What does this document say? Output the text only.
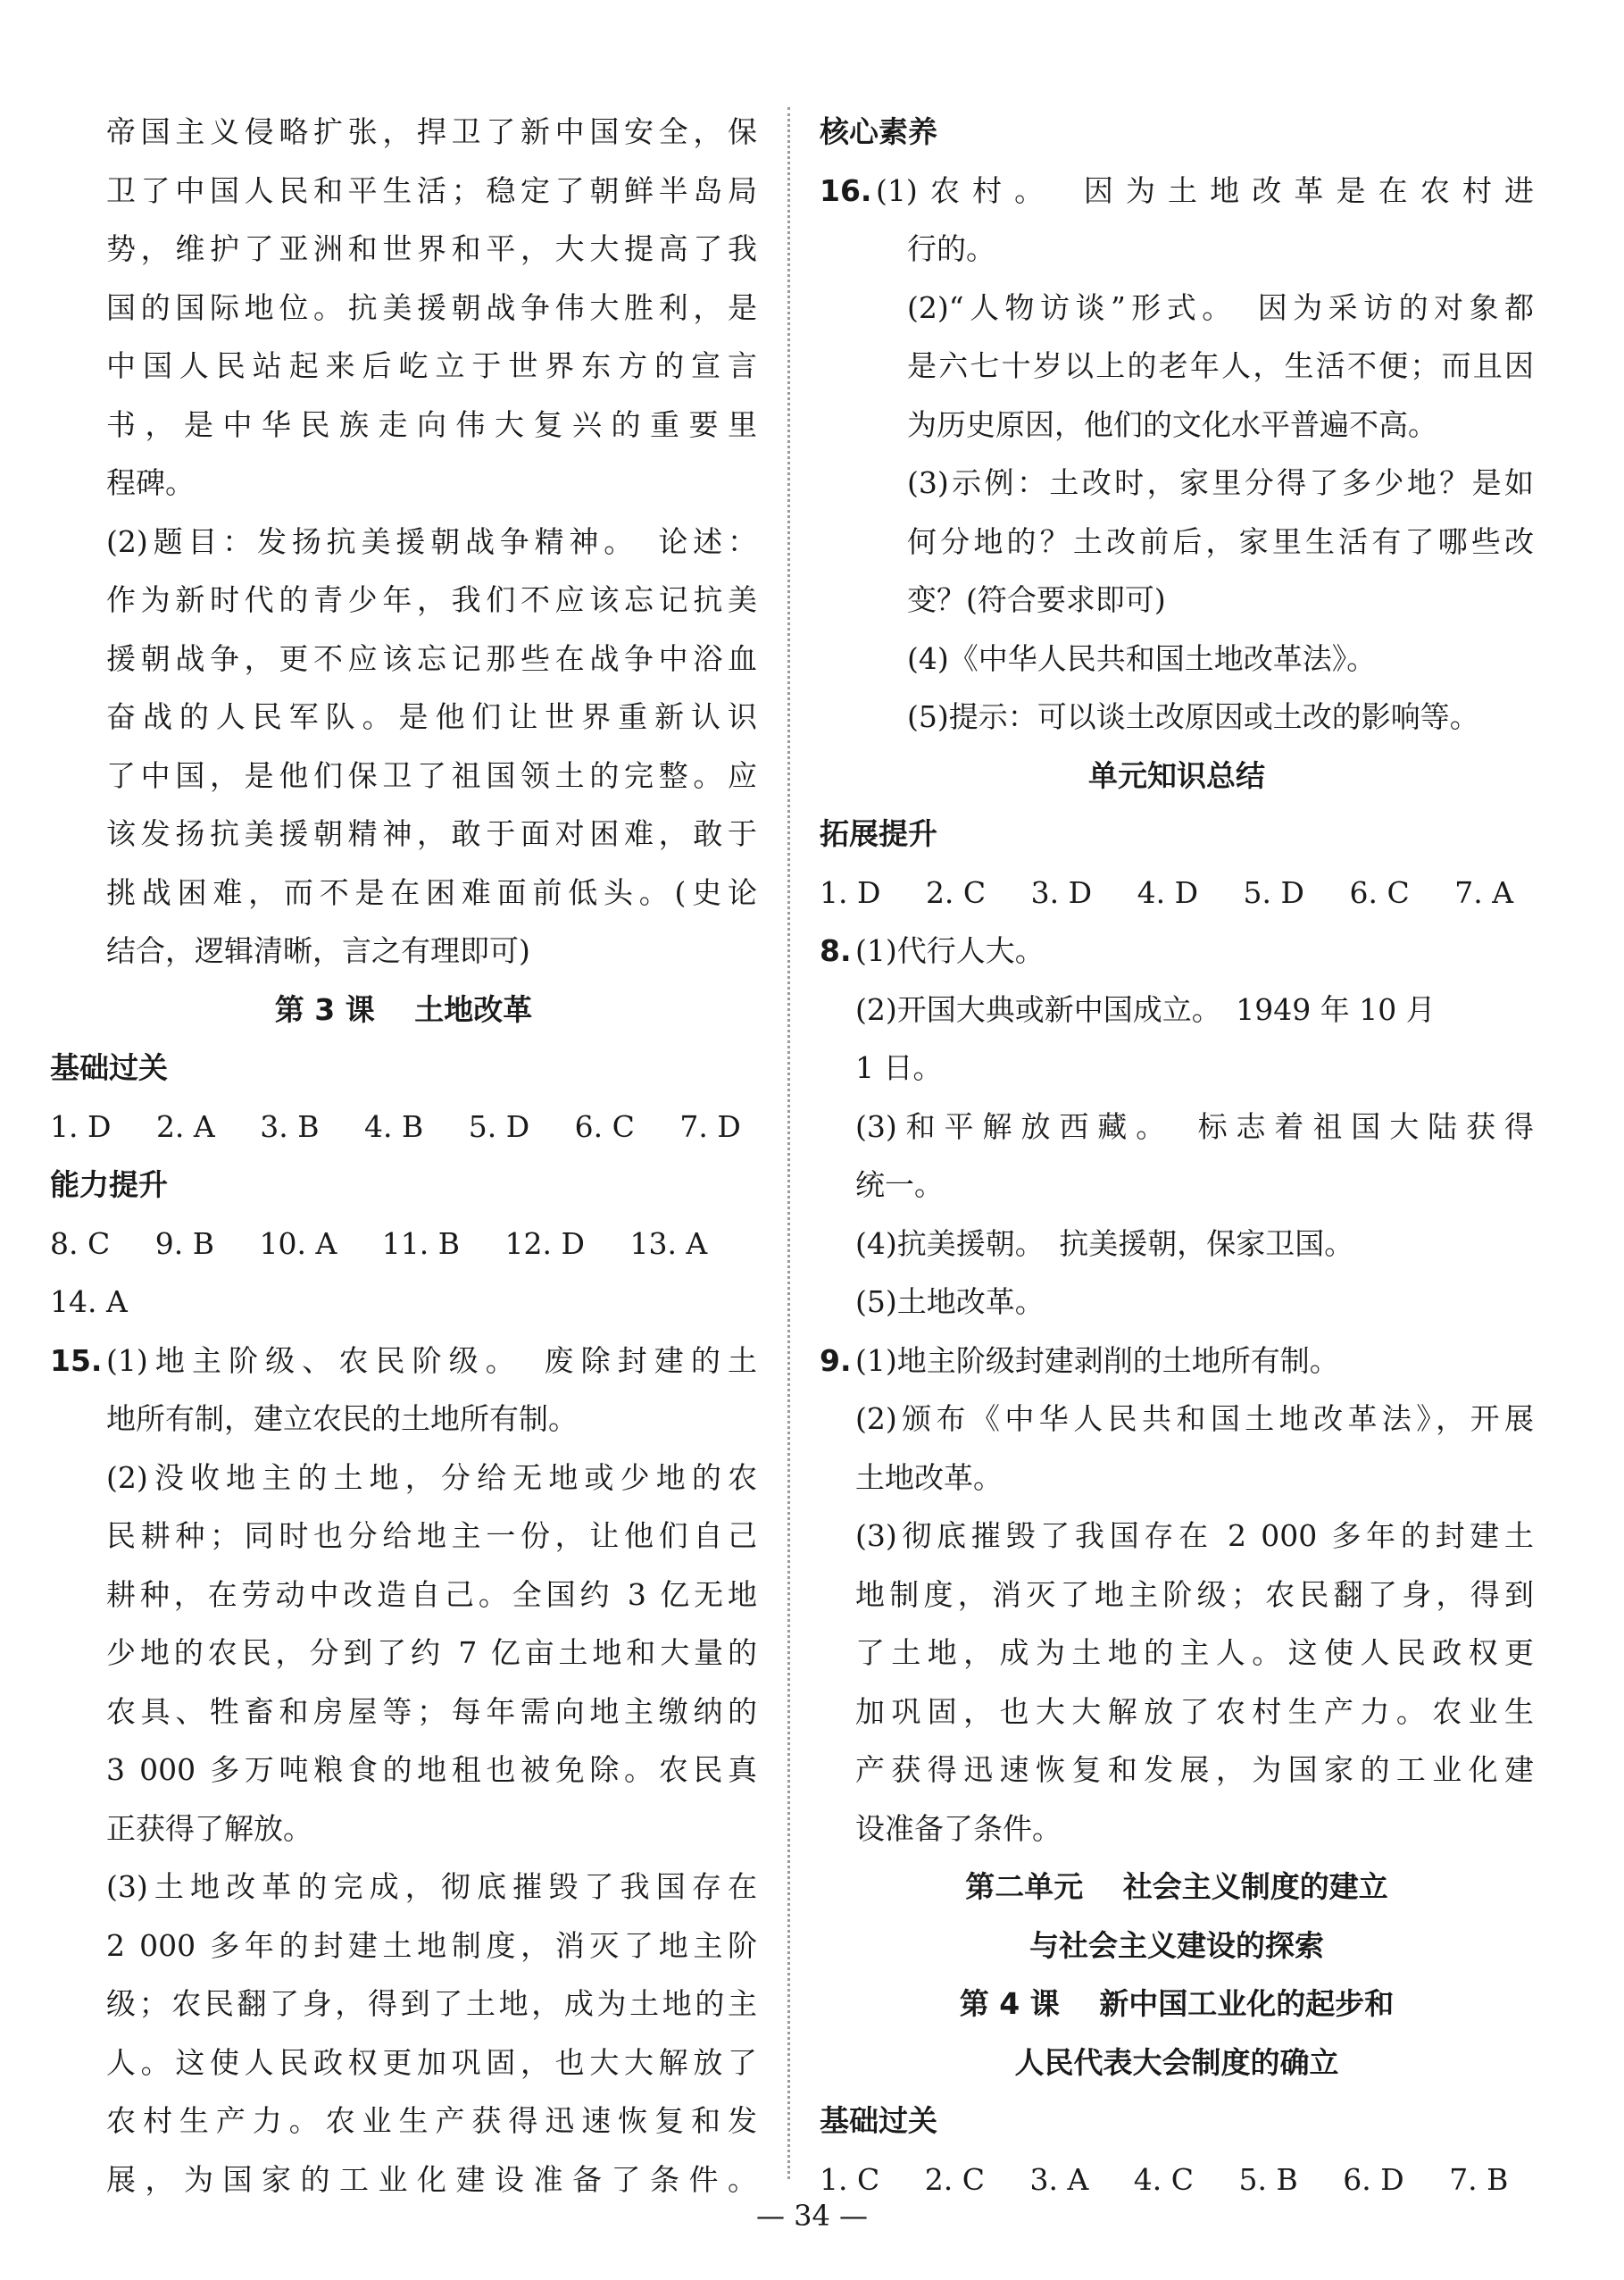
帝国主义侵略扩张，捍卫了新中国安全，保
卫了中国人民和平生活；稳定了朝鲜半岛局
势，维护了亚洲和世界和平，大大提高了我
国的国际地位。抗美援朝战争伟大胜利，是
中国人民站起来后屹立于世界东方的宣言
书，是中华民族走向伟大复兴的重要里
程碑。
(2)题目：发扬抗美援朝战争精神。　论述：
作为新时代的青少年，我们不应该忘记抗美
援朝战争，更不应该忘记那些在战争中浴血
奋战的人民军队。是他们让世界重新认识
了中国，是他们保卫了祖国领土的完整。应
该发扬抗美援朝精神，敢于面对困难，敢于
挑战困难，而不是在困难面前低头。(史论
结合，逻辑清晰，言之有理即可)
第 3 课　 土地改革
基础过关
1. D 2. A 3. B 4. B 5. D 6. C 7. D
能力提升
8. C 9. B 10. A 11. B 12. D 13. A
14. A
15. (1)地主阶级、农民阶级。　废除封建的土
地所有制，建立农民的土地所有制。
(2)没收地主的土地，分给无地或少地的农
民耕种；同时也分给地主一份，让他们自己
耕种，在劳动中改造自己。全国约 3 亿无地
少地的农民，分到了约 7 亿亩土地和大量的
农具、牲畜和房屋等；每年需向地主缴纳的
3 000 多万吨粮食的地租也被免除。农民真
正获得了解放。
(3)土地改革的完成，彻底摧毁了我国存在
2 000 多年的封建土地制度，消灭了地主阶
级；农民翻了身，得到了土地，成为土地的主
人。这使人民政权更加巩固，也大大解放了
农村生产力。农业生产获得迅速恢复和发
展，为国家的工业化建设准备了条件。
核心素养
16. (1)农村。　因为土地改革是在农村进
行的。
(2)“人物访谈”形式。　因为采访的对象都
是六七十岁以上的老年人，生活不便；而且因
为历史原因，他们的文化水平普遍不高。
(3)示例：土改时，家里分得了多少地？是如
何分地的？土改前后，家里生活有了哪些改
变？(符合要求即可)
(4)《中华人民共和国土地改革法》。
(5)提示：可以谈土改原因或土改的影响等。
单元知识总结
拓展提升
1. D 2. C 3. D 4. D 5. D 6. C 7. A
8. (1)代行人大。
(2)开国大典或新中国成立。　1949 年 10 月
1 日。
(3)和平解放西藏。　标志着祖国大陆获得
统一。
(4)抗美援朝。　抗美援朝，保家卫国。
(5)土地改革。
9. (1)地主阶级封建剥削的土地所有制。
(2)颁布《中华人民共和国土地改革法》，开展
土地改革。
(3)彻底摧毁了我国存在 2 000 多年的封建土
地制度，消灭了地主阶级；农民翻了身，得到
了土地，成为土地的主人。这使人民政权更
加巩固，也大大解放了农村生产力。农业生
产获得迅速恢复和发展，为国家的工业化建
设准备了条件。
第二单元　 社会主义制度的建立
与社会主义建设的探索
第 4 课　 新中国工业化的起步和
人民代表大会制度的确立
基础过关
1. C 2. C 3. A 4. C 5. B 6. D 7. B
— 34 —
